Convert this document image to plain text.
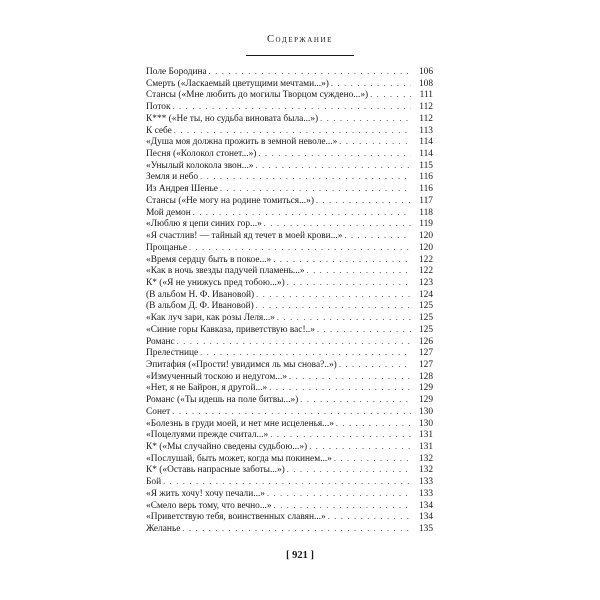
Содержание
Поле Бородина . . .	106
Смерть («Ласкаемый цветущими мечтами...») . . .	108
Стансы («Мне любить до могилы Творцом суждено...») . . .	111
Поток . . .	112
К*** («Не ты, но судьба виновата была...») . . .	112
К себе . . .	113
«Душа моя должна прожить в земной неволе...» . . .	114
Песня («Колокол стонет...») . . .	114
«Унылый колокола звон...» . . .	115
Земля и небо . . .	116
Из Андрея Шенье . . .	116
Стансы («Не могу на родине томиться...») . . .	117
Мой демон . . .	118
«Люблю я цепи синих гор...» . . .	119
«Я счастлив! — тайный яд течет в моей крови...» . . .	120
Прощанье . . .	120
«Время сердцу быть в покое...» . . .	122
«Как в ночь звезды падучей пламень...» . . .	122
К* («Я не унижусь пред тобою...») . . .	123
(В альбом Н. Ф. Ивановой) . . .	124
(В альбом Д. Ф. Ивановой) . . .	125
«Как луч зари, как розы Леля...» . . .	125
«Синие горы Кавказа, приветствую вас!..» . . .	125
Романс . . .	126
Прелестнице . . .	127
Эпитафия («Прости! увидимся ль мы снова?..») . . .	127
«Измученный тоскою и недугом...» . . .	128
«Нет, я не Байрон, я другой...» . . .	129
Романс («Ты идешь на поле битвы...») . . .	129
Сонет . . .	130
«Болезнь в груди моей, и нет мне исцеленья...» . . .	130
«Поцелуями прежде считал...» . . .	131
К* («Мы случайно сведены судьбою...») . . .	131
«Послушай, быть может, когда мы покинем...» . . .	132
К* («Оставь напрасные заботы...») . . .	132
Бой . . .	133
«Я жить хочу! хочу печали...» . . .	133
«Смело верь тому, что вечно...» . . .	134
«Приветствую тебя, воинственных славян...» . . .	134
Желанье . . .	135
[ 921 ]
